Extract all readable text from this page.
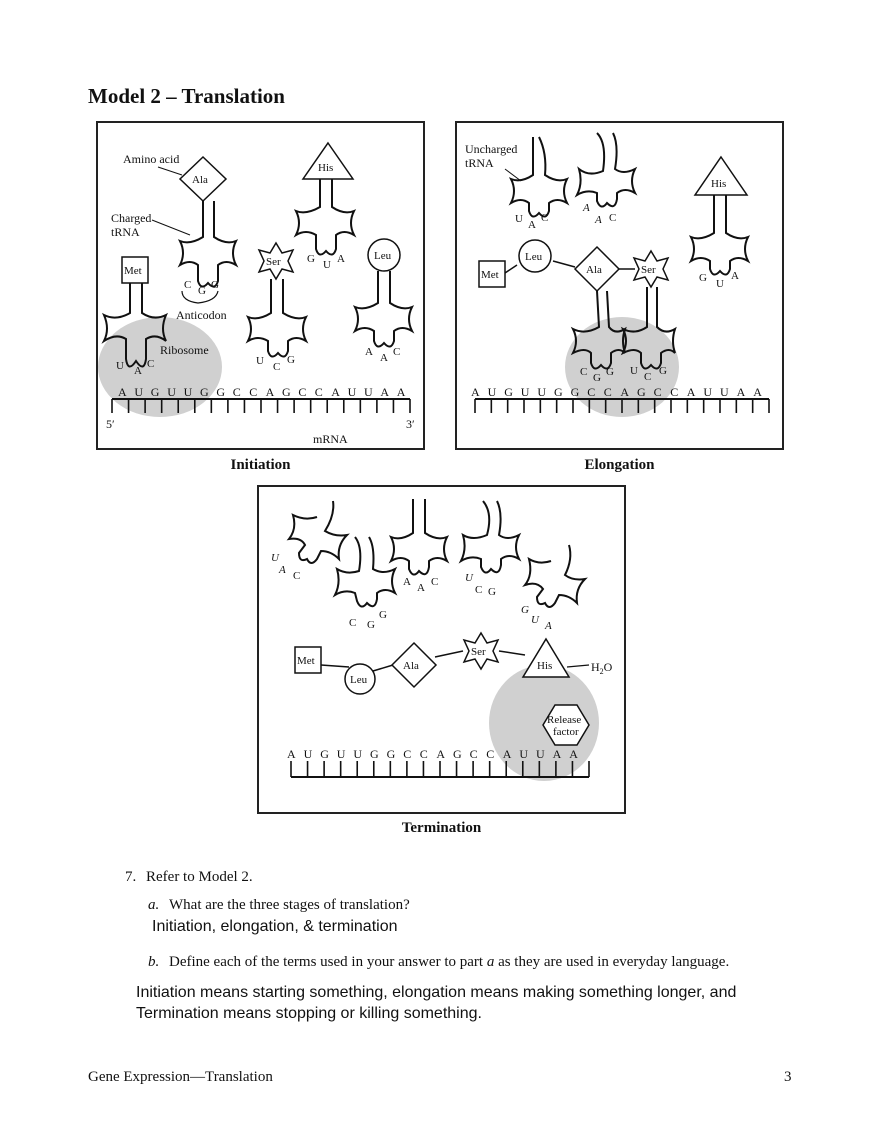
Model 2 – Translation
A U G U U G G C C A G C C A U U A A
5′	3′
mRNA
Met
U A
C
Ribosome
Ala
C G G
Anticodon
Amino acid
Charged
tRNA
His
G U A
Ser
U C
G
Leu
A A C
Initiation
A U G U U G G C C A G C C A U U A A
Uncharged
tRNA
U A
C
A
A C
His
G U
A
Met
Leu
Ala	Ser
C G G U C G
Elongation
A U G U U G G C C A G C C A U U A A
U
A C
C G
G
A A C U
C G
G
U A
Met
Leu
Ala
Ser
His	$H_2O$
Release
factor
Termination
7. Refer to Model 2.
a. What are the three stages of translation?
Initiation, elongation, & termination
b. Define each of the terms used in your answer to part a as they are used in everyday language.
Initiation means starting something, elongation means making something longer, and
Termination means stopping or killing something.
Gene Expression—Translation	3
